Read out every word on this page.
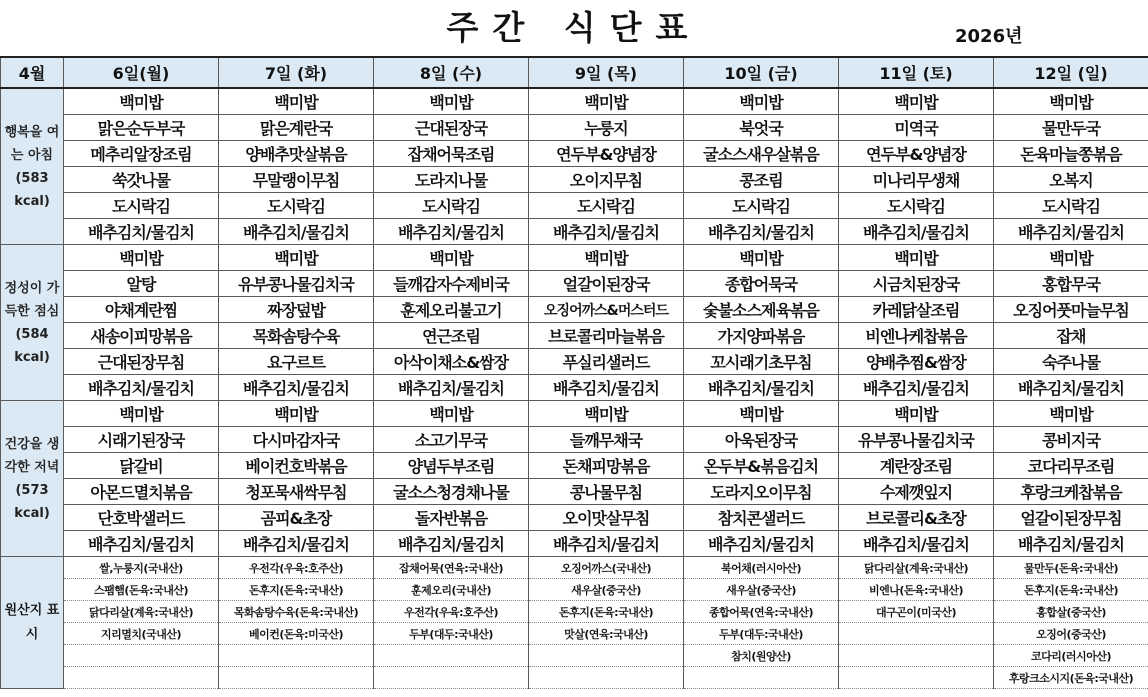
주간 식단표	2026년
4월	6일(월)	7일 (화)	8일 (수)	9일 (목)	10일 (금)	11일 (토)	12일 (일)
행복을 여는 아침 (583 kcal)	백미밥	백미밥	백미밥	백미밥	백미밥	백미밥	백미밥
	맑은순두부국	맑은계란국	근대된장국	누룽지	북엇국	미역국	물만두국
	메추리알장조림	양배추맛살볶음	잡채어묵조림	연두부&양념장	굴소스새우살볶음	연두부&양념장	돈육마늘쫑볶음
	쑥갓나물	무말랭이무침	도라지나물	오이지무침	콩조림	미나리무생채	오복지
	도시락김	도시락김	도시락김	도시락김	도시락김	도시락김	도시락김
	배추김치/물김치	배추김치/물김치	배추김치/물김치	배추김치/물김치	배추김치/물김치	배추김치/물김치	배추김치/물김치
정성이 가득한 점심 (584 kcal)	백미밥	백미밥	백미밥	백미밥	백미밥	백미밥	백미밥
	알탕	유부콩나물김치국	들깨감자수제비국	얼갈이된장국	종합어묵국	시금치된장국	홍합무국
	야채계란찜	짜장덮밥	훈제오리불고기	오징어까스&머스터드	숯불소스제육볶음	카레닭살조림	오징어풋마늘무침
	새송이피망볶음	목화솜탕수육	연근조림	브로콜리마늘볶음	가지양파볶음	비엔나케찹볶음	잡채
	근대된장무침	요구르트	아삭이채소&쌈장	푸실리샐러드	꼬시래기초무침	양배추찜&쌈장	숙주나물
	배추김치/물김치	배추김치/물김치	배추김치/물김치	배추김치/물김치	배추김치/물김치	배추김치/물김치	배추김치/물김치
건강을 생각한 저녁 (573 kcal)	백미밥	백미밥	백미밥	백미밥	백미밥	백미밥	백미밥
	시래기된장국	다시마감자국	소고기무국	들깨무채국	아욱된장국	유부콩나물김치국	콩비지국
	닭갈비	베이컨호박볶음	양념두부조림	돈채피망볶음	온두부&볶음김치	계란장조림	코다리무조림
	아몬드멸치볶음	청포묵새싹무침	굴소스청경채나물	콩나물무침	도라지오이무침	수제깻잎지	후랑크케찹볶음
	단호박샐러드	곰피&초장	돌자반볶음	오이맛살무침	참치콘샐러드	브로콜리&초장	얼갈이된장무침
	배추김치/물김치	배추김치/물김치	배추김치/물김치	배추김치/물김치	배추김치/물김치	배추김치/물김치	배추김치/물김치
원산지 표시	쌀,누룽지(국내산)	우전각(우육:호주산)	잡채어묵(연육:국내산)	오징어까스(국내산)	북어채(러시아산)	닭다리살(계육:국내산)	물만두(돈육:국내산)
	스팸햄(돈육:국내산)	돈후지(돈육:국내산)	훈제오리(국내산)	새우살(중국산)	새우살(중국산)	비엔나(돈육:국내산)	돈후지(돈육:국내산)
	닭다리살(계육:국내산)	목화솜탕수육(돈육:국내산)	우전각(우육:호주산)	돈후지(돈육:국내산)	종합어묵(연육:국내산)	대구곤이(미국산)	홍합살(중국산)
	지리멸치(국내산)	베이컨(돈육:미국산)	두부(대두:국내산)	맛살(연육:국내산)	두부(대두:국내산)		오징어(중국산)
					참치(원양산)		코다리(러시아산)
							후랑크소시지(돈육:국내산)
